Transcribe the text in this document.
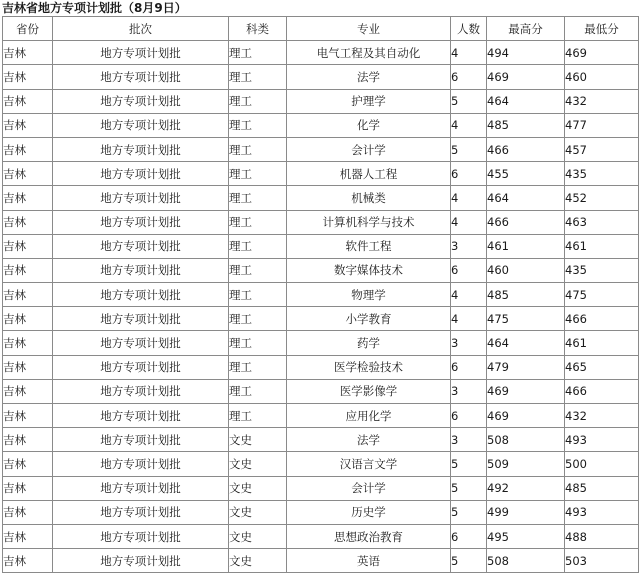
吉林省地方专项计划批（8月9日）
省份	批次	科类	专业	人数	最高分	最低分
吉林	地方专项计划批	理工	电气工程及其自动化	4	494	469
吉林	地方专项计划批	理工	法学	6	469	460
吉林	地方专项计划批	理工	护理学	5	464	432
吉林	地方专项计划批	理工	化学	4	485	477
吉林	地方专项计划批	理工	会计学	5	466	457
吉林	地方专项计划批	理工	机器人工程	6	455	435
吉林	地方专项计划批	理工	机械类	4	464	452
吉林	地方专项计划批	理工	计算机科学与技术	4	466	463
吉林	地方专项计划批	理工	软件工程	3	461	461
吉林	地方专项计划批	理工	数字媒体技术	6	460	435
吉林	地方专项计划批	理工	物理学	4	485	475
吉林	地方专项计划批	理工	小学教育	4	475	466
吉林	地方专项计划批	理工	药学	3	464	461
吉林	地方专项计划批	理工	医学检验技术	6	479	465
吉林	地方专项计划批	理工	医学影像学	3	469	466
吉林	地方专项计划批	理工	应用化学	6	469	432
吉林	地方专项计划批	文史	法学	3	508	493
吉林	地方专项计划批	文史	汉语言文学	5	509	500
吉林	地方专项计划批	文史	会计学	5	492	485
吉林	地方专项计划批	文史	历史学	5	499	493
吉林	地方专项计划批	文史	思想政治教育	6	495	488
吉林	地方专项计划批	文史	英语	5	508	503
